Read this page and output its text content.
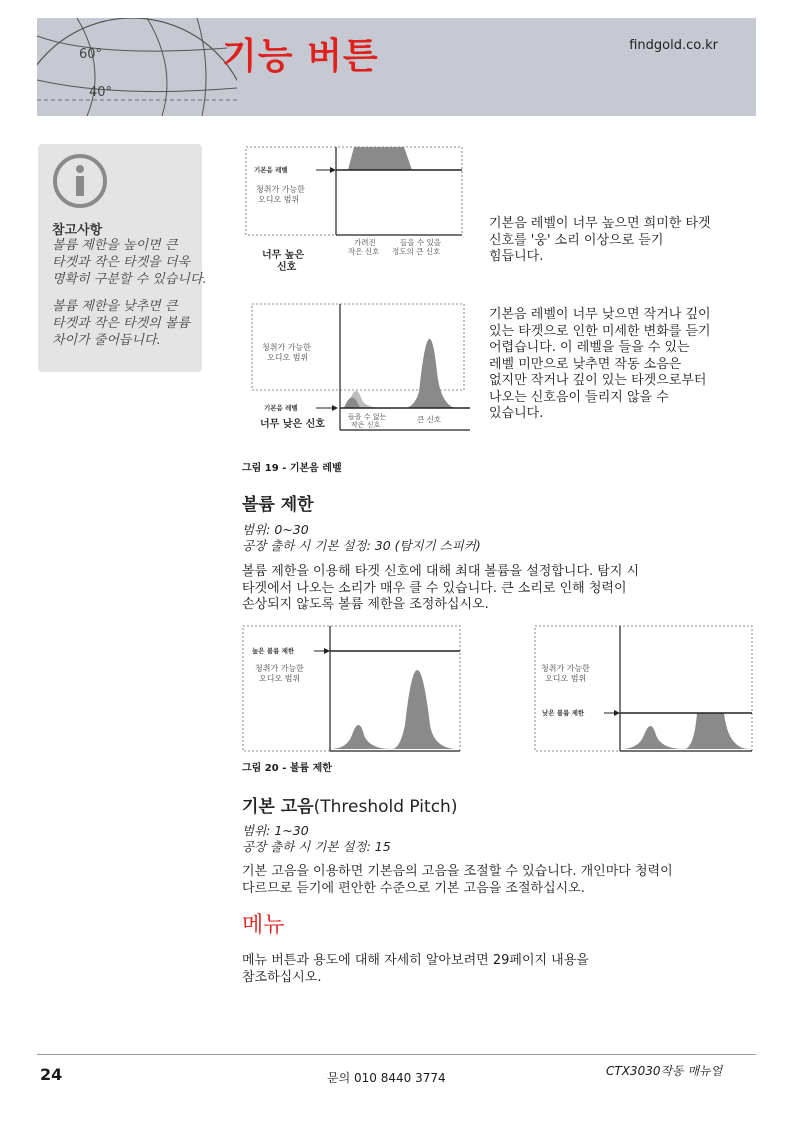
60°
40°
기능 버튼	findgold.co.kr
참고사항
볼륨 제한을 높이면 큰
타겟과 작은 타겟을 더욱
명확히 구분할 수 있습니다.
볼륨 제한을 낮추면 큰
타겟과 작은 타겟의 볼륨
차이가 줄어듭니다.
기본음 레벨
청취가 가능한
오디오 범위
너무 높은
신호
가려진
작은 신호
들을 수 있을
정도의 큰 신호
기본음 레벨이 너무 높으면 희미한 타겟
신호를 '웅' 소리 이상으로 듣기
힘듭니다.
청취가 가능한
오디오 범위
기본음 레벨
너무 낮은 신호
들을 수 없는
작은 신호
큰 신호
기본음 레벨이 너무 낮으면 작거나 깊이
있는 타겟으로 인한 미세한 변화를 듣기
어렵습니다. 이 레벨을 들을 수 있는
레벨 미만으로 낮추면 작동 소음은
없지만 작거나 깊이 있는 타겟으로부터
나오는 신호음이 들리지 않을 수
있습니다.
그림 19 - 기본음 레벨
볼륨 제한
범위: 0~30
공장 출하 시 기본 설정: 30 (탐지기 스피커)
볼륨 제한을 이용해 타겟 신호에 대해 최대 볼륨을 설정합니다. 탐지 시
타겟에서 나오는 소리가 매우 클 수 있습니다. 큰 소리로 인해 청력이
손상되지 않도록 볼륨 제한을 조정하십시오.
높은 볼륨 제한
청취가 가능한
오디오 범위
낮은 볼륨 제한
청취가 가능한
오디오 범위
그림 20 - 볼륨 제한
기본 고음(Threshold Pitch)
범위: 1~30
공장 출하 시 기본 설정: 15
기본 고음을 이용하면 기본음의 고음을 조절할 수 있습니다. 개인마다 청력이
다르므로 듣기에 편안한 수준으로 기본 고음을 조절하십시오.
메뉴
메뉴 버튼과 용도에 대해 자세히 알아보려면 29페이지 내용을
참조하십시오.
24	문의 010 8440 3774	CTX3030작동 매뉴얼
